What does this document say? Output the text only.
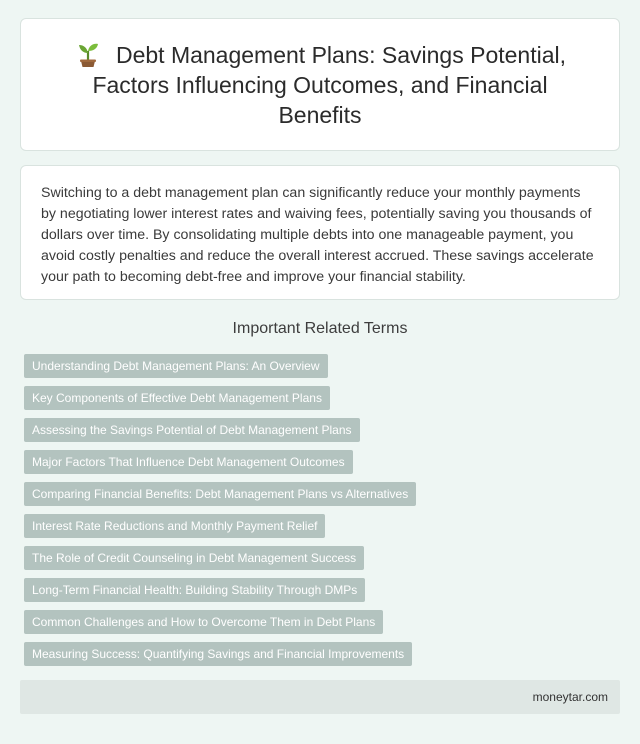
Debt Management Plans: Savings Potential, Factors Influencing Outcomes, and Financial Benefits

Switching to a debt management plan can significantly reduce your monthly payments by negotiating lower interest rates and waiving fees, potentially saving you thousands of dollars over time. By consolidating multiple debts into one manageable payment, you avoid costly penalties and reduce the overall interest accrued. These savings accelerate your path to becoming debt-free and improve your financial stability.

Important Related Terms
Understanding Debt Management Plans: An Overview
Key Components of Effective Debt Management Plans
Assessing the Savings Potential of Debt Management Plans
Major Factors That Influence Debt Management Outcomes
Comparing Financial Benefits: Debt Management Plans vs Alternatives
Interest Rate Reductions and Monthly Payment Relief
The Role of Credit Counseling in Debt Management Success
Long-Term Financial Health: Building Stability Through DMPs
Common Challenges and How to Overcome Them in Debt Plans
Measuring Success: Quantifying Savings and Financial Improvements
moneytar.com
